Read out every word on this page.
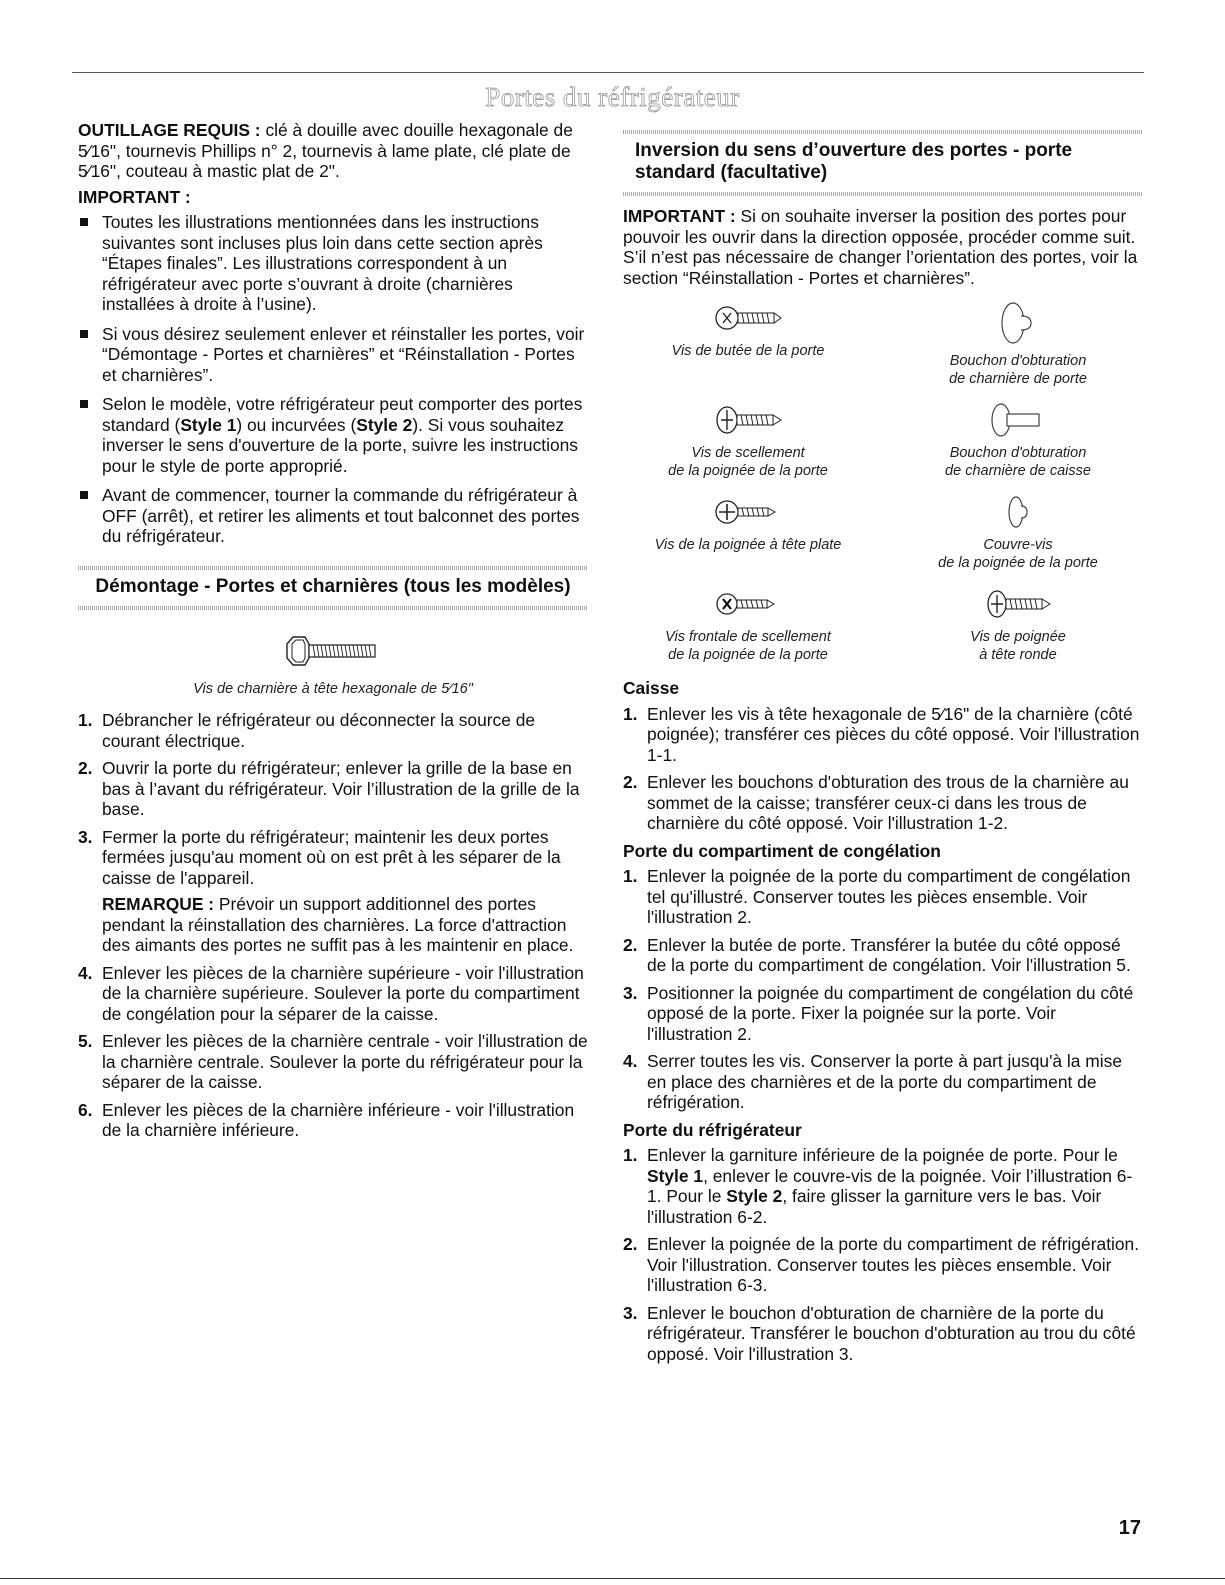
Portes du réfrigérateur

OUTILLAGE REQUIS : clé à douille avec douille hexagonale de 5⁄16", tournevis Phillips n° 2, tournevis à lame plate, clé plate de 5⁄16", couteau à mastic plat de 2".

IMPORTANT :

Toutes les illustrations mentionnées dans les instructions suivantes sont incluses plus loin dans cette section après “Étapes finales”. Les illustrations correspondent à un réfrigérateur avec porte s’ouvrant à droite (charnières installées à droite à l’usine).
Si vous désirez seulement enlever et réinstaller les portes, voir “Démontage - Portes et charnières” et “Réinstallation - Portes et charnières”.
Selon le modèle, votre réfrigérateur peut comporter des portes standard (Style 1) ou incurvées (Style 2). Si vous souhaitez inverser le sens d'ouverture de la porte, suivre les instructions pour le style de porte approprié.
Avant de commencer, tourner la commande du réfrigérateur à OFF (arrêt), et retirer les aliments et tout balconnet des portes du réfrigérateur.
Démontage - Portes et charnières (tous les modèles)

Vis de charnière à tête hexagonale de 5⁄16"

1. Débrancher le réfrigérateur ou déconnecter la source de courant électrique.
2. Ouvrir la porte du réfrigérateur; enlever la grille de la base en bas à l’avant du réfrigérateur. Voir l’illustration de la grille de la base.
3. Fermer la porte du réfrigérateur; maintenir les deux portes fermées jusqu'au moment où on est prêt à les séparer de la caisse de l'appareil.
REMARQUE : Prévoir un support additionnel des portes pendant la réinstallation des charnières. La force d'attraction des aimants des portes ne suffit pas à les maintenir en place.
4. Enlever les pièces de la charnière supérieure - voir l'illustration de la charnière supérieure. Soulever la porte du compartiment de congélation pour la séparer de la caisse.
5. Enlever les pièces de la charnière centrale - voir l'illustration de la charnière centrale. Soulever la porte du réfrigérateur pour la séparer de la caisse.
6. Enlever les pièces de la charnière inférieure - voir l'illustration de la charnière inférieure.
Inversion du sens d’ouverture des portes - porte standard (facultative)

IMPORTANT : Si on souhaite inverser la position des portes pour pouvoir les ouvrir dans la direction opposée, procéder comme suit. S’il n’est pas nécessaire de changer l’orientation des portes, voir la section “Réinstallation - Portes et charnières”.

Vis de butée de la porte
Bouchon d'obturation
de charnière de porte
Vis de scellement
de la poignée de la porte
Bouchon d'obturation
de charnière de caisse
Vis de la poignée à tête plate	Couvre-vis
de la poignée de la porte
Vis frontale de scellement
de la poignée de la porte
Vis de poignée
à tête ronde

Caisse

1. Enlever les vis à tête hexagonale de 5⁄16" de la charnière (côté poignée); transférer ces pièces du côté opposé. Voir l'illustration 1-1.
2. Enlever les bouchons d'obturation des trous de la charnière au sommet de la caisse; transférer ceux-ci dans les trous de charnière du côté opposé. Voir l'illustration 1-2.

Porte du compartiment de congélation

1. Enlever la poignée de la porte du compartiment de congélation tel qu'illustré. Conserver toutes les pièces ensemble. Voir l'illustration 2.
2. Enlever la butée de porte. Transférer la butée du côté opposé de la porte du compartiment de congélation. Voir l'illustration 5.
3. Positionner la poignée du compartiment de congélation du côté opposé de la porte. Fixer la poignée sur la porte. Voir l'illustration 2.
4. Serrer toutes les vis. Conserver la porte à part jusqu'à la mise en place des charnières et de la porte du compartiment de réfrigération.

Porte du réfrigérateur

1. Enlever la garniture inférieure de la poignée de porte. Pour le Style 1, enlever le couvre-vis de la poignée. Voir l’illustration 6-1. Pour le Style 2, faire glisser la garniture vers le bas. Voir l'illustration 6-2.
2. Enlever la poignée de la porte du compartiment de réfrigération. Voir l'illustration. Conserver toutes les pièces ensemble. Voir l'illustration 6-3.
3. Enlever le bouchon d'obturation de charnière de la porte du réfrigérateur. Transférer le bouchon d'obturation au trou du côté opposé. Voir l'illustration 3.
17
